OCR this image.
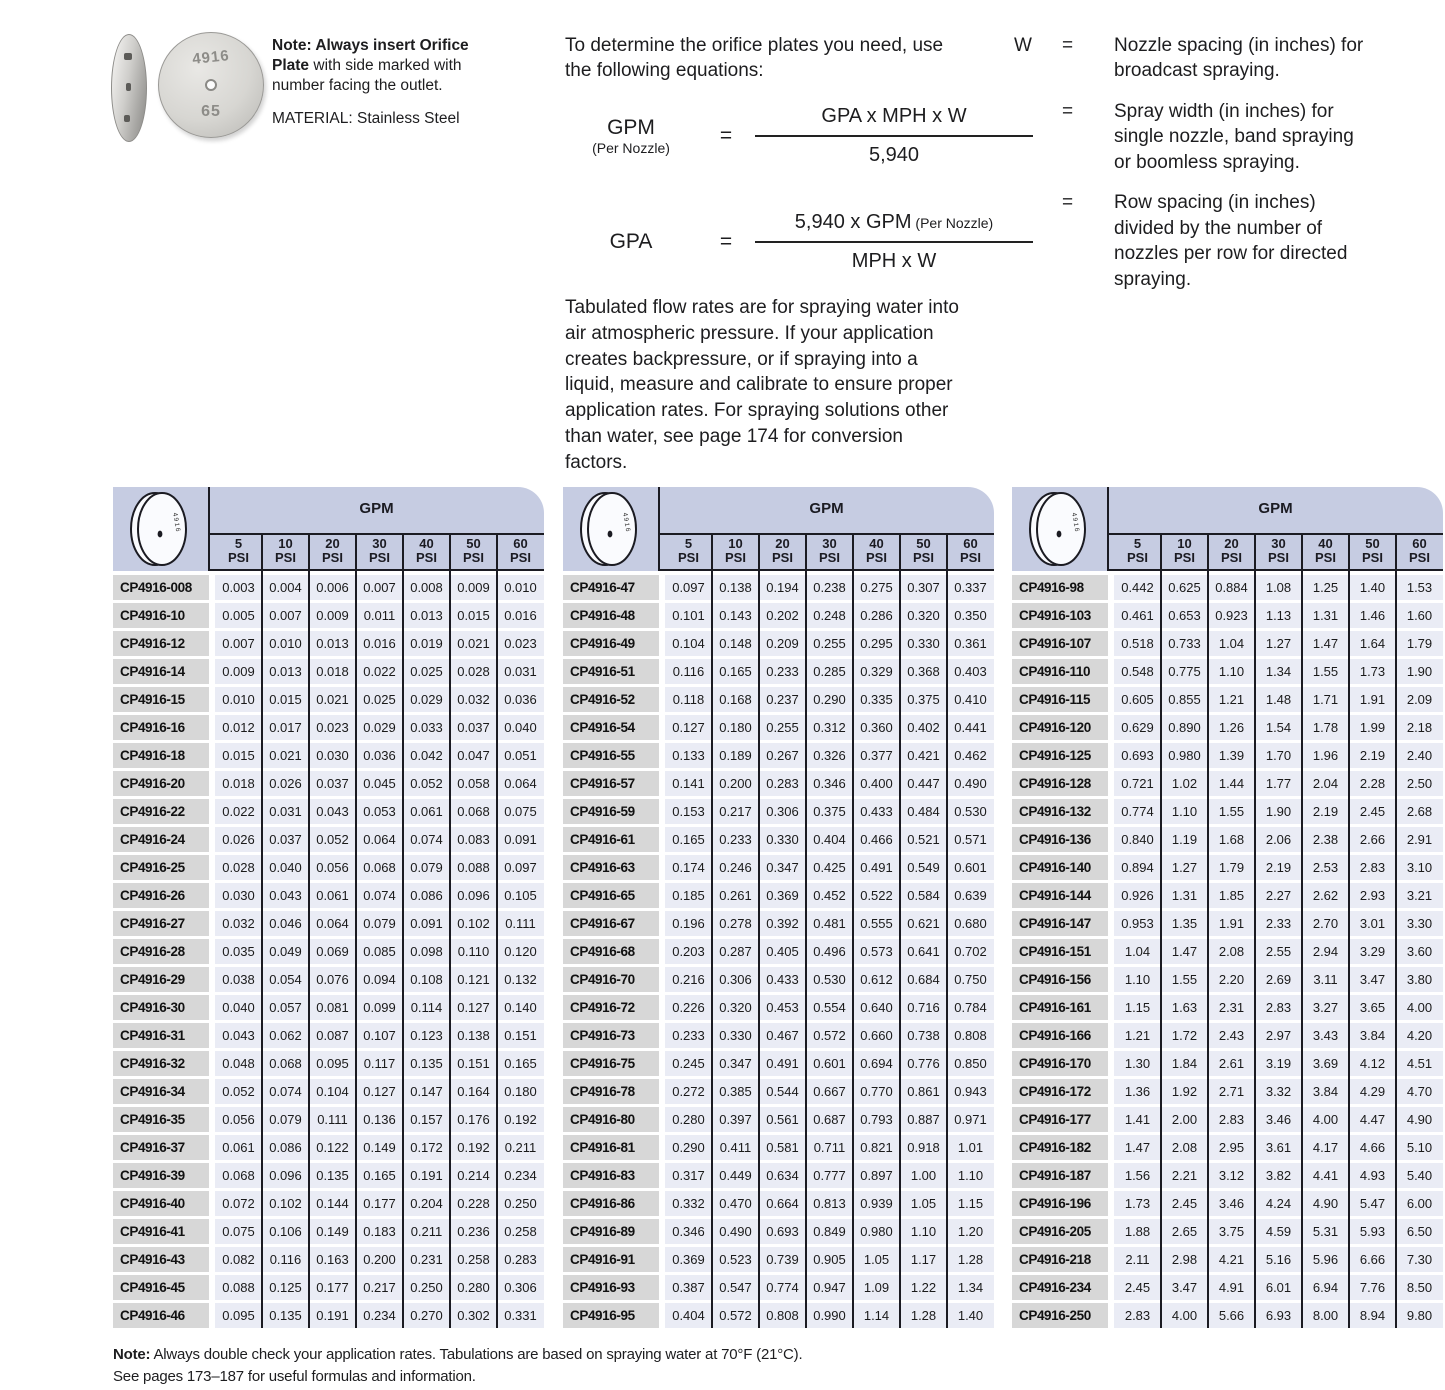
4916
65
Note: Always insert Orifice Plate with side marked with number facing the outlet.
MATERIAL: Stainless Steel
To determine the orifice plates you need, use the following equations:
GPM
(Per Nozzle)
=	$\frac{\text{GPA x MPH x W}}{5,940}$
GPA	=	$\frac{\text{5,940 x GPM (Per Nozzle)}}{\text{MPH x W}}$
Tabulated flow rates are for spraying water into air atmospheric pressure. If your application creates backpressure, or if spraying into a liquid, measure and calibrate to ensure proper application rates. For spraying solutions other than water, see page 174 for conversion factors.
W	=	Nozzle spacing (in inches) for broadcast spraying.
=	Spray width (in inches) for single nozzle, band spraying or boomless spraying.
=	Row spacing (in inches) divided by the number of nozzles per row for directed spraying.
4916
GPM
5
PSI
10
PSI
20
PSI
30
PSI
40
PSI
50
PSI
60
PSI
CP4916-008	0.003	0.004	0.006	0.007	0.008	0.009	0.010
CP4916-10	0.005	0.007	0.009	0.011	0.013	0.015	0.016
CP4916-12	0.007	0.010	0.013	0.016	0.019	0.021	0.023
CP4916-14	0.009	0.013	0.018	0.022	0.025	0.028	0.031
CP4916-15	0.010	0.015	0.021	0.025	0.029	0.032	0.036
CP4916-16	0.012	0.017	0.023	0.029	0.033	0.037	0.040
CP4916-18	0.015	0.021	0.030	0.036	0.042	0.047	0.051
CP4916-20	0.018	0.026	0.037	0.045	0.052	0.058	0.064
CP4916-22	0.022	0.031	0.043	0.053	0.061	0.068	0.075
CP4916-24	0.026	0.037	0.052	0.064	0.074	0.083	0.091
CP4916-25	0.028	0.040	0.056	0.068	0.079	0.088	0.097
CP4916-26	0.030	0.043	0.061	0.074	0.086	0.096	0.105
CP4916-27	0.032	0.046	0.064	0.079	0.091	0.102	0.111
CP4916-28	0.035	0.049	0.069	0.085	0.098	0.110	0.120
CP4916-29	0.038	0.054	0.076	0.094	0.108	0.121	0.132
CP4916-30	0.040	0.057	0.081	0.099	0.114	0.127	0.140
CP4916-31	0.043	0.062	0.087	0.107	0.123	0.138	0.151
CP4916-32	0.048	0.068	0.095	0.117	0.135	0.151	0.165
CP4916-34	0.052	0.074	0.104	0.127	0.147	0.164	0.180
CP4916-35	0.056	0.079	0.111	0.136	0.157	0.176	0.192
CP4916-37	0.061	0.086	0.122	0.149	0.172	0.192	0.211
CP4916-39	0.068	0.096	0.135	0.165	0.191	0.214	0.234
CP4916-40	0.072	0.102	0.144	0.177	0.204	0.228	0.250
CP4916-41	0.075	0.106	0.149	0.183	0.211	0.236	0.258
CP4916-43	0.082	0.116	0.163	0.200	0.231	0.258	0.283
CP4916-45	0.088	0.125	0.177	0.217	0.250	0.280	0.306
CP4916-46	0.095	0.135	0.191	0.234	0.270	0.302	0.331
4916
GPM
5
PSI
10
PSI
20
PSI
30
PSI
40
PSI
50
PSI
60
PSI
CP4916-47	0.097	0.138	0.194	0.238	0.275	0.307	0.337
CP4916-48	0.101	0.143	0.202	0.248	0.286	0.320	0.350
CP4916-49	0.104	0.148	0.209	0.255	0.295	0.330	0.361
CP4916-51	0.116	0.165	0.233	0.285	0.329	0.368	0.403
CP4916-52	0.118	0.168	0.237	0.290	0.335	0.375	0.410
CP4916-54	0.127	0.180	0.255	0.312	0.360	0.402	0.441
CP4916-55	0.133	0.189	0.267	0.326	0.377	0.421	0.462
CP4916-57	0.141	0.200	0.283	0.346	0.400	0.447	0.490
CP4916-59	0.153	0.217	0.306	0.375	0.433	0.484	0.530
CP4916-61	0.165	0.233	0.330	0.404	0.466	0.521	0.571
CP4916-63	0.174	0.246	0.347	0.425	0.491	0.549	0.601
CP4916-65	0.185	0.261	0.369	0.452	0.522	0.584	0.639
CP4916-67	0.196	0.278	0.392	0.481	0.555	0.621	0.680
CP4916-68	0.203	0.287	0.405	0.496	0.573	0.641	0.702
CP4916-70	0.216	0.306	0.433	0.530	0.612	0.684	0.750
CP4916-72	0.226	0.320	0.453	0.554	0.640	0.716	0.784
CP4916-73	0.233	0.330	0.467	0.572	0.660	0.738	0.808
CP4916-75	0.245	0.347	0.491	0.601	0.694	0.776	0.850
CP4916-78	0.272	0.385	0.544	0.667	0.770	0.861	0.943
CP4916-80	0.280	0.397	0.561	0.687	0.793	0.887	0.971
CP4916-81	0.290	0.411	0.581	0.711	0.821	0.918	1.01
CP4916-83	0.317	0.449	0.634	0.777	0.897	1.00	1.10
CP4916-86	0.332	0.470	0.664	0.813	0.939	1.05	1.15
CP4916-89	0.346	0.490	0.693	0.849	0.980	1.10	1.20
CP4916-91	0.369	0.523	0.739	0.905	1.05	1.17	1.28
CP4916-93	0.387	0.547	0.774	0.947	1.09	1.22	1.34
CP4916-95	0.404	0.572	0.808	0.990	1.14	1.28	1.40
4916
GPM
5
PSI
10
PSI
20
PSI
30
PSI
40
PSI
50
PSI
60
PSI
CP4916-98	0.442	0.625	0.884	1.08	1.25	1.40	1.53
CP4916-103	0.461	0.653	0.923	1.13	1.31	1.46	1.60
CP4916-107	0.518	0.733	1.04	1.27	1.47	1.64	1.79
CP4916-110	0.548	0.775	1.10	1.34	1.55	1.73	1.90
CP4916-115	0.605	0.855	1.21	1.48	1.71	1.91	2.09
CP4916-120	0.629	0.890	1.26	1.54	1.78	1.99	2.18
CP4916-125	0.693	0.980	1.39	1.70	1.96	2.19	2.40
CP4916-128	0.721	1.02	1.44	1.77	2.04	2.28	2.50
CP4916-132	0.774	1.10	1.55	1.90	2.19	2.45	2.68
CP4916-136	0.840	1.19	1.68	2.06	2.38	2.66	2.91
CP4916-140	0.894	1.27	1.79	2.19	2.53	2.83	3.10
CP4916-144	0.926	1.31	1.85	2.27	2.62	2.93	3.21
CP4916-147	0.953	1.35	1.91	2.33	2.70	3.01	3.30
CP4916-151	1.04	1.47	2.08	2.55	2.94	3.29	3.60
CP4916-156	1.10	1.55	2.20	2.69	3.11	3.47	3.80
CP4916-161	1.15	1.63	2.31	2.83	3.27	3.65	4.00
CP4916-166	1.21	1.72	2.43	2.97	3.43	3.84	4.20
CP4916-170	1.30	1.84	2.61	3.19	3.69	4.12	4.51
CP4916-172	1.36	1.92	2.71	3.32	3.84	4.29	4.70
CP4916-177	1.41	2.00	2.83	3.46	4.00	4.47	4.90
CP4916-182	1.47	2.08	2.95	3.61	4.17	4.66	5.10
CP4916-187	1.56	2.21	3.12	3.82	4.41	4.93	5.40
CP4916-196	1.73	2.45	3.46	4.24	4.90	5.47	6.00
CP4916-205	1.88	2.65	3.75	4.59	5.31	5.93	6.50
CP4916-218	2.11	2.98	4.21	5.16	5.96	6.66	7.30
CP4916-234	2.45	3.47	4.91	6.01	6.94	7.76	8.50
CP4916-250	2.83	4.00	5.66	6.93	8.00	8.94	9.80
Note: Always double check your application rates. Tabulations are based on spraying water at 70°F (21°C).
See pages 173–187 for useful formulas and information.
